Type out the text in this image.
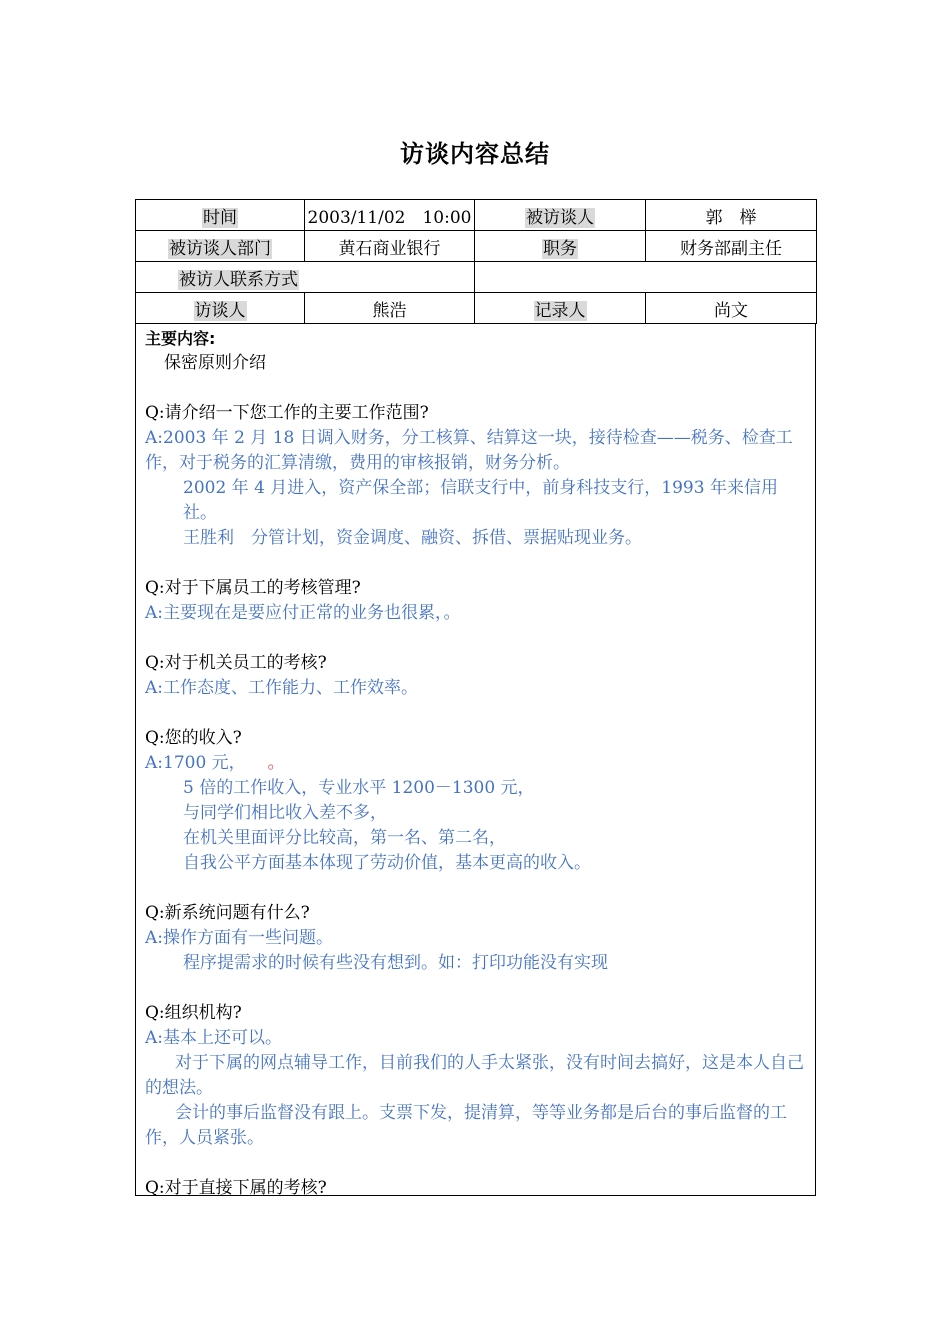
访谈内容总结
时间	2003/11/02　10:00	被访谈人	郭　榉
被访谈人部门	黄石商业银行	职务	财务部副主任
被访人联系方式			
访谈人	熊浩	记录人	尚文
主要内容:
保密原则介绍
Q:请介绍一下您工作的主要工作范围?
A:2003 年 2 月 18 日调入财务，分工核算、结算这一块，接待检查——税务、检查工作，对于税务的汇算清缴，费用的审核报销，财务分析。
2002 年 4 月进入，资产保全部；信联支行中，前身科技支行，1993 年来信用社。
王胜利　分管计划，资金调度、融资、拆借、票据贴现业务。
Q:对于下属员工的考核管理?
A:主要现在是要应付正常的业务也很累，。
Q:对于机关员工的考核?
A:工作态度、工作能力、工作效率。
Q:您的收入?
A:1700 元， 。
5 倍的工作收入，专业水平 1200－1300 元，
与同学们相比收入差不多，
在机关里面评分比较高，第一名、第二名，
自我公平方面基本体现了劳动价值，基本更高的收入。
Q:新系统问题有什么?
A:操作方面有一些问题。
程序提需求的时候有些没有想到。如：打印功能没有实现
Q:组织机构?
A:基本上还可以。
对于下属的网点辅导工作，目前我们的人手太紧张，没有时间去搞好，这是本人自己的想法。
会计的事后监督没有跟上。支票下发，提清算，等等业务都是后台的事后监督的工作，人员紧张。
Q:对于直接下属的考核?
